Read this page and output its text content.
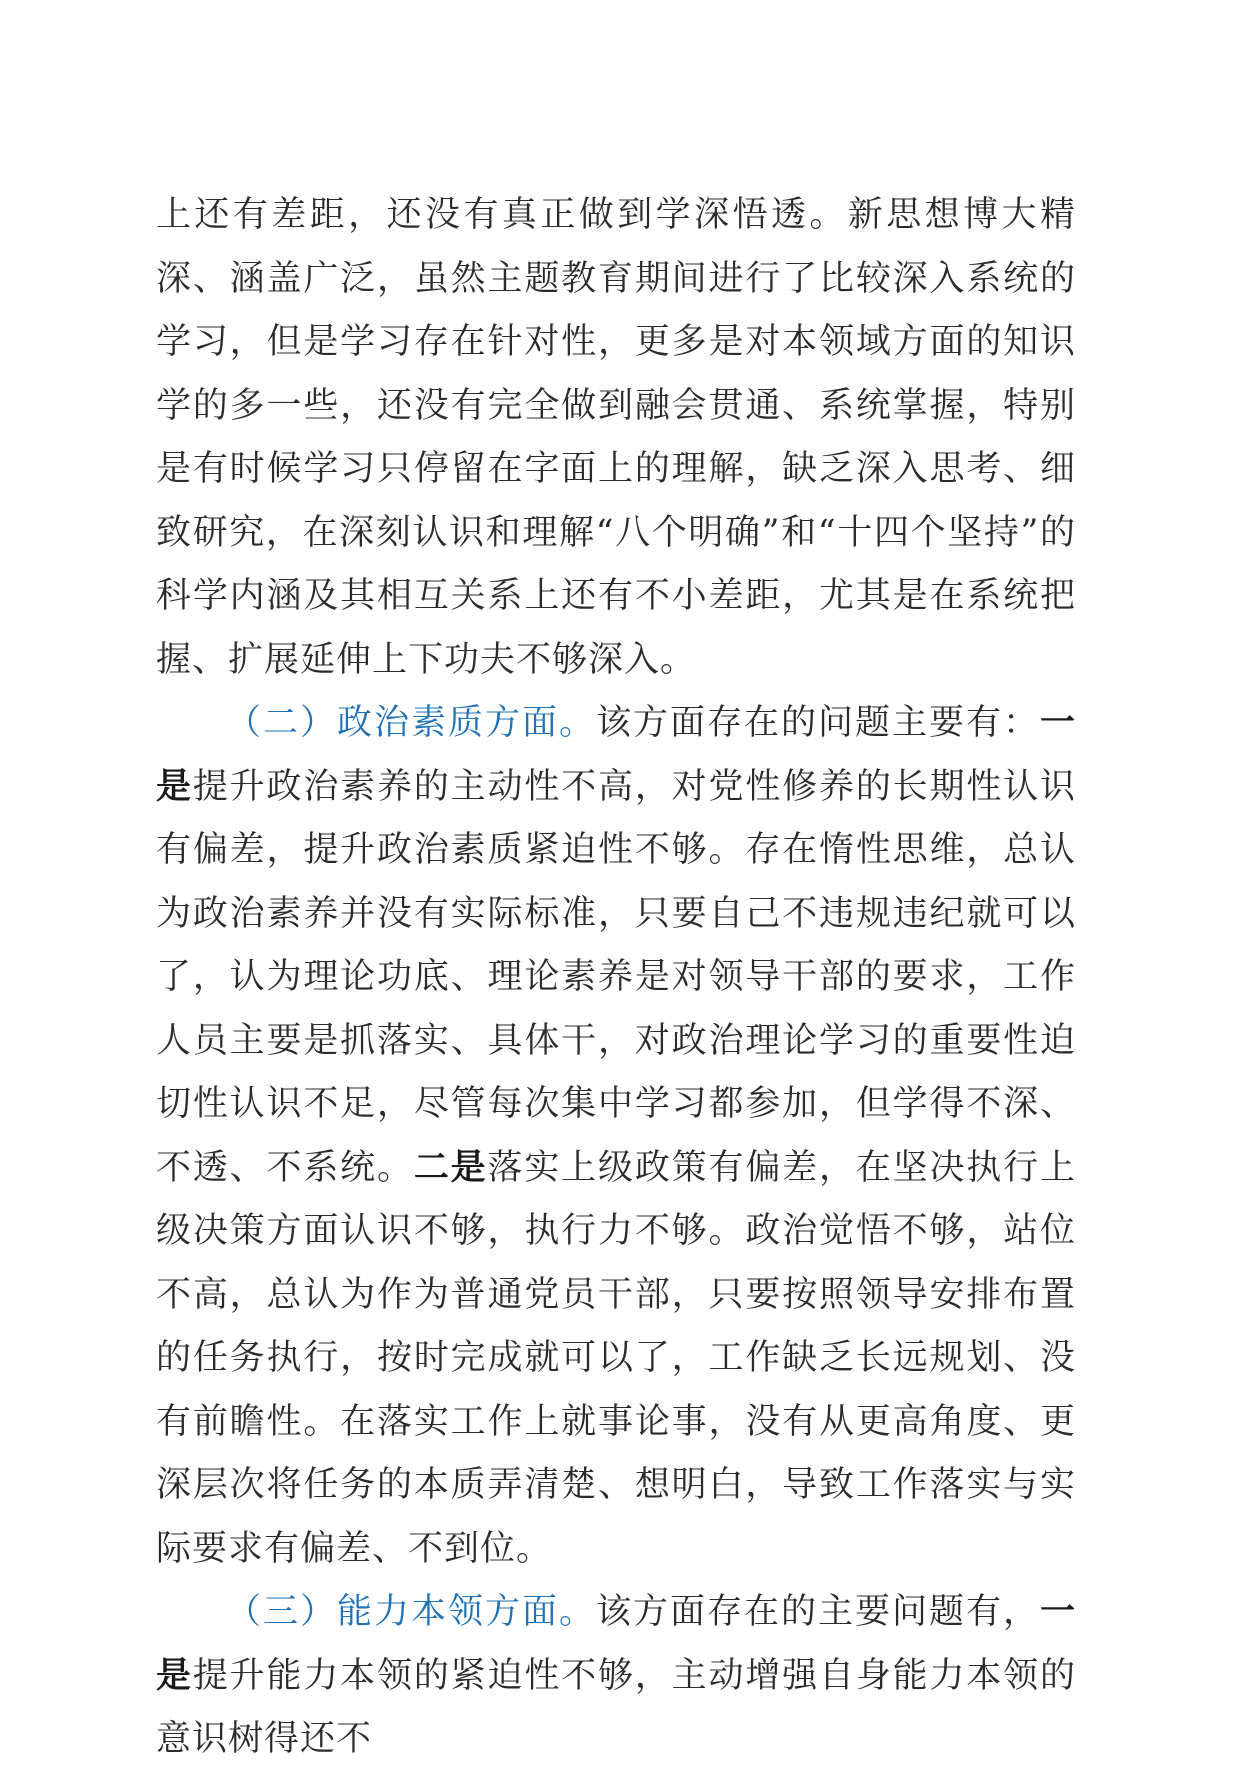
上还有差距，还没有真正做到学深悟透。新思想博大精深、涵盖广泛，虽然主题教育期间进行了比较深入系统的学习，但是学习存在针对性，更多是对本领域方面的知识学的多一些，还没有完全做到融会贯通、系统掌握，特别是有时候学习只停留在字面上的理解，缺乏深入思考、细致研究，在深刻认识和理解“八个明确”和“十四个坚持”的科学内涵及其相互关系上还有不小差距，尤其是在系统把握、扩展延伸上下功夫不够深入。

（二）政治素质方面。该方面存在的问题主要有：一是提升政治素养的主动性不高，对党性修养的长期性认识有偏差，提升政治素质紧迫性不够。存在惰性思维，总认为政治素养并没有实际标准，只要自己不违规违纪就可以了，认为理论功底、理论素养是对领导干部的要求，工作人员主要是抓落实、具体干，对政治理论学习的重要性迫切性认识不足，尽管每次集中学习都参加，但学得不深、不透、不系统。二是落实上级政策有偏差，在坚决执行上级决策方面认识不够，执行力不够。政治觉悟不够，站位不高，总认为作为普通党员干部，只要按照领导安排布置的任务执行，按时完成就可以了，工作缺乏长远规划、没有前瞻性。在落实工作上就事论事，没有从更高角度、更深层次将任务的本质弄清楚、想明白，导致工作落实与实际要求有偏差、不到位。

（三）能力本领方面。该方面存在的主要问题有，一是提升能力本领的紧迫性不够，主动增强自身能力本领的意识树得还不
